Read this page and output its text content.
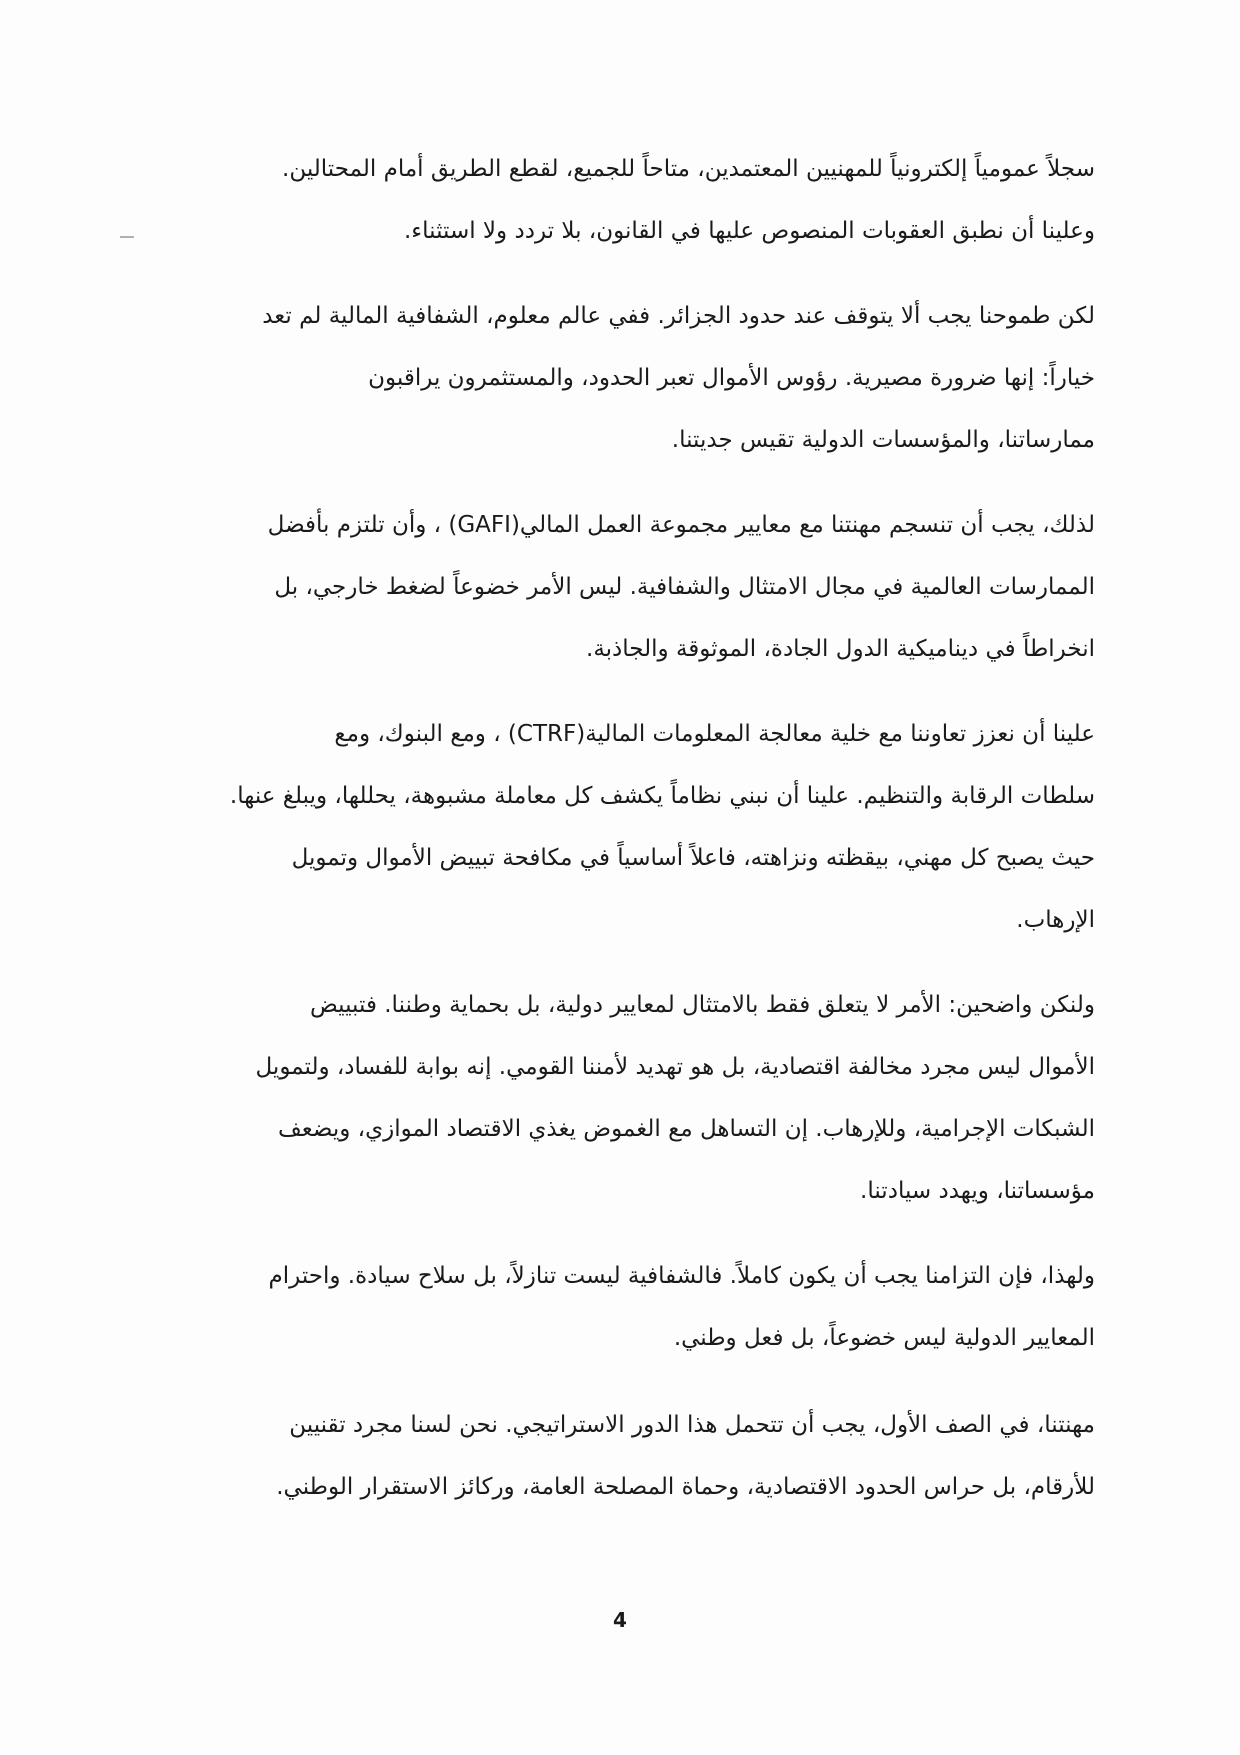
سجلاً عمومياً إلكترونياً للمهنيين المعتمدين، متاحاً للجميع، لقطع الطريق أمام المحتالين.
وعلينا أن نطبق العقوبات المنصوص عليها في القانون، بلا تردد ولا استثناء.
لكن طموحنا يجب ألا يتوقف عند حدود الجزائر. ففي عالم معلوم، الشفافية المالية لم تعد
خياراً: إنها ضرورة مصيرية. رؤوس الأموال تعبر الحدود، والمستثمرون يراقبون
ممارساتنا، والمؤسسات الدولية تقيس جديتنا.
لذلك، يجب أن تنسجم مهنتنا مع معايير مجموعة العمل المالي(GAFI) ، وأن تلتزم بأفضل
الممارسات العالمية في مجال الامتثال والشفافية. ليس الأمر خضوعاً لضغط خارجي، بل
انخراطاً في ديناميكية الدول الجادة، الموثوقة والجاذبة.
علينا أن نعزز تعاوننا مع خلية معالجة المعلومات المالية(CTRF) ، ومع البنوك، ومع
سلطات الرقابة والتنظيم. علينا أن نبني نظاماً يكشف كل معاملة مشبوهة، يحللها، ويبلغ عنها.
حيث يصبح كل مهني، بيقظته ونزاهته، فاعلاً أساسياً في مكافحة تبييض الأموال وتمويل
الإرهاب.
ولنكن واضحين: الأمر لا يتعلق فقط بالامتثال لمعايير دولية، بل بحماية وطننا. فتبييض
الأموال ليس مجرد مخالفة اقتصادية، بل هو تهديد لأمننا القومي. إنه بوابة للفساد، ولتمويل
الشبكات الإجرامية، وللإرهاب. إن التساهل مع الغموض يغذي الاقتصاد الموازي، ويضعف
مؤسساتنا، ويهدد سيادتنا.
ولهذا، فإن التزامنا يجب أن يكون كاملاً. فالشفافية ليست تنازلاً، بل سلاح سيادة. واحترام
المعايير الدولية ليس خضوعاً، بل فعل وطني.
مهنتنا، في الصف الأول، يجب أن تتحمل هذا الدور الاستراتيجي. نحن لسنا مجرد تقنيين
للأرقام، بل حراس الحدود الاقتصادية، وحماة المصلحة العامة، وركائز الاستقرار الوطني.
4
